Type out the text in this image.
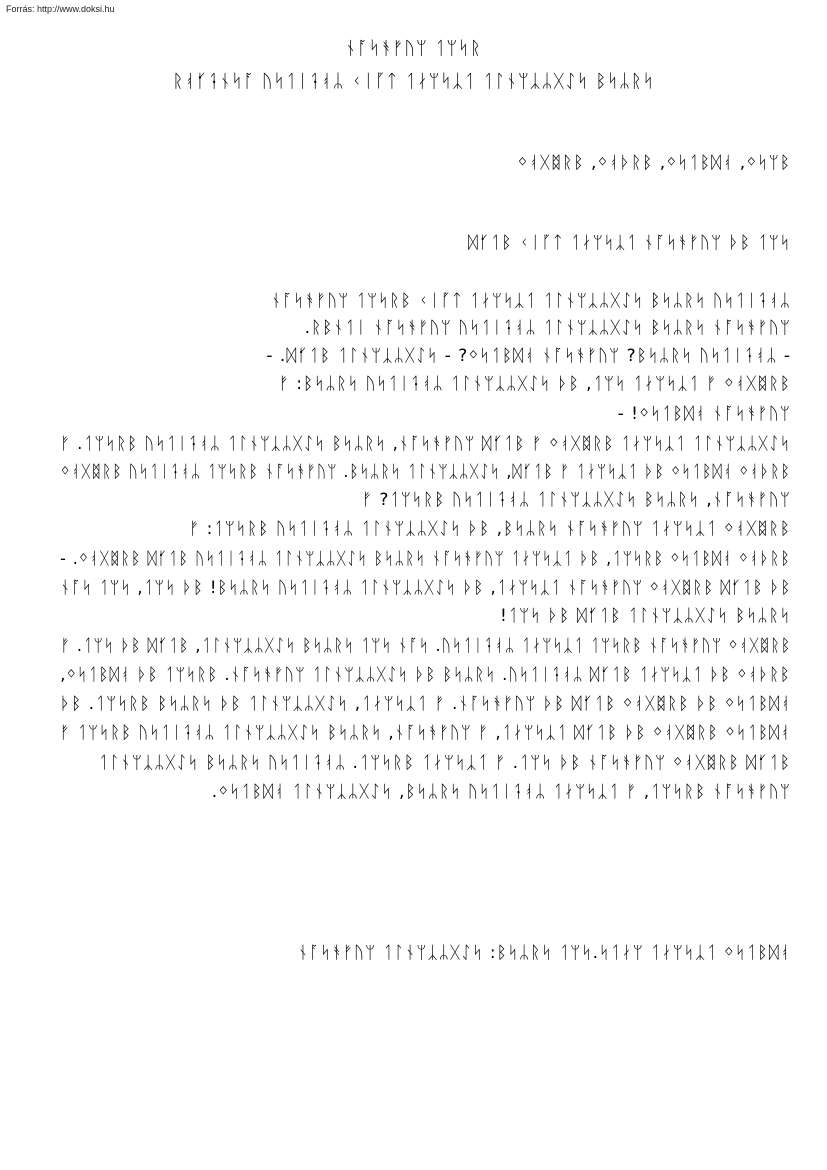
Forrás: http://www.doksi.hu
ᚾᚪᛋᚬᚠᚢᛘ ᛐᛘᛋᚱ
ᚱᚮᚶᛑᚾᛋᚪ ᚢᛋᛐᛁᛑᚮᛦ ᚲᛁᚵᛏ ᛐᛅᛘᛋᛣᛐ ᛐᛚᚾᛘᛣᛦᚷᛇᛋ ᛒᛋᛦᚱᛋ
ᛜᚮᚷᛥᚱᛒ ,ᛜᚮᚦᚱᛒ ,ᛜᛋᛐᛒᛞᚮ ,ᛜᛋᛘᛒ
ᛞᚶᛐᛒ ᚲᛁᚵᛏ ᛐᛅᛘᛋᛣᛐ ᚾᚪᛋᚬᚠᚢᛘ ᚦᛒ ᛐᛘᛋ
ᚾᚪᛋᚬᚠᚢᛘ ᛐᛘᛋᚱᛒ ᚲᛁᚵᛏ ᛐᛅᛘᛋᛣᛐ ᛐᛚᚾᛘᛣᛦᚷᛇᛋ ᛒᛋᛦᚱᛋ ᚢᛋᛐᛁᛑᚮᛦ
.ᚱᛒᚾᛐᛁ ᚾᚪᛋᚬᚠᚢᛘ ᚢᛋᛐᛁᛑᚮᛦ ᛐᛚᚾᛘᛣᛦᚷᛇᛋ ᛒᛋᛦᚱᛋ ᚾᚪᛋᚬᚠᚢᛘ
- .ᛞᚶᛐᛒ ᛐᛚᚾᛘᛣᛦᚷᛇᛋ - ?ᛜᛋᛐᛒᛞᚮ ᚾᚪᛋᚬᚠᚢᛘ ?ᛒᛋᛦᚱᛋ ᚢᛋᛐᛁᛑᚮᛦ -
ᚠ :ᛒᛋᛦᚱᛋ ᚢᛋᛐᛁᛑᚮᛦ ᛐᛚᚾᛘᛣᛦᚷᛇᛋ ᚦᛒ ,ᛐᛘᛋ ᛐᛅᛘᛋᛣᛐ ᚠ ᛜᚮᚷᛥᚱᛒ
- !ᛜᛋᛐᛒᛞᚮ ᚾᚪᛋᚬᚠᚢᛘ
ᚠ .ᛐᛘᛋᚱᛒ ᚢᛋᛐᛁᛑᚮᛦ ᛐᛚᚾᛘᛣᛦᚷᛇᛋ ᛒᛋᛦᚱᛋ ,ᚾᚪᛋᚬᚠᚢᛘ ᛞᚶᛐᛒ ᚠ ᛜᚮᚷᛥᚱᛒ ᛐᛅᛘᛋᛣᛐ ᛐᛚᚾᛘᛣᛦᚷᛇᛋ
ᛜᚮᚷᛥᚱᛒ ᚢᛋᛐᛁᛑᚮᛦ ᛐᛘᛋᚱᛒ ᚾᚪᛋᚬᚠᚢᛘ .ᛒᛋᛦᚱᛋ ᛐᛚᚾᛘᛣᛦᚷᛇᛋ ,ᛞᚶᛐᛒ ᚠ ᛐᛅᛘᛋᛣᛐ ᚦᛒ ᛜᛋᛐᛒᛞᚮ ᛜᚮᚦᚱᛒ
ᚠ ?ᛐᛘᛋᚱᛒ ᚢᛋᛐᛁᛑᚮᛦ ᛐᛚᚾᛘᛣᛦᚷᛇᛋ ᛒᛋᛦᚱᛋ ,ᚾᚪᛋᚬᚠᚢᛘ
ᚠ :ᛐᛘᛋᚱᛒ ᚢᛋᛐᛁᛑᚮᛦ ᛐᛚᚾᛘᛣᛦᚷᛇᛋ ᚦᛒ ,ᛒᛋᛦᚱᛋ ᚾᚪᛋᚬᚠᚢᛘ ᛐᛅᛘᛋᛣᛐ ᛜᚮᚷᛥᚱᛒ
- .ᛜᚮᚷᛥᚱᛒ ᛞᚶᛐᛒ ᚢᛋᛐᛁᛑᚮᛦ ᛐᛚᚾᛘᛣᛦᚷᛇᛋ ᛒᛋᛦᚱᛋ ᚾᚪᛋᚬᚠᚢᛘ ᛐᛅᛘᛋᛣᛐ ᚦᛒ ,ᛐᛘᛋᚱᛒ ᛜᛋᛐᛒᛞᚮ ᛜᚮᚦᚱᛒ
ᚾᚪᛋ ᛐᛘᛋ ,ᛐᛘᛋ ᚦᛒ !ᛒᛋᛦᚱᛋ ᚢᛋᛐᛁᛑᚮᛦ ᛐᛚᚾᛘᛣᛦᚷᛇᛋ ᚦᛒ ,ᛐᛅᛘᛋᛣᛐ ᚾᚪᛋᚬᚠᚢᛘ ᛜᚮᚷᛥᚱᛒ ᛞᚶᛐᛒ ᚦᛒ
!ᛐᛘᛋ ᚦᛒ ᛞᚶᛐᛒ ᛐᛚᚾᛘᛣᛦᚷᛇᛋ ᛒᛋᛦᚱᛋ
ᚠ .ᛐᛘᛋ ᚦᛒ ᛞᚶᛐᛒ ,ᛐᛚᚾᛘᛣᛦᚷᛇᛋ ᛒᛋᛦᚱᛋ ᛐᛘᛋ ᚾᚪᛋ .ᚢᛋᛐᛁᛑᚮᛦ ᛐᛅᛘᛋᛣᛐ ᛐᛘᛋᚱᛒ ᚾᚪᛋᚬᚠᚢᛘ ᛜᚮᚷᛥᚱᛒ
,ᛜᛋᛐᛒᛞᚮ ᚦᛒ ᛐᛘᛋᚱᛒ .ᚾᚪᛋᚬᚠᚢᛘ ᛐᛚᚾᛘᛣᛦᚷᛇᛋ ᚦᛒ ᛒᛋᛦᚱᛋ .ᚢᛋᛐᛁᛑᚮᛦ ᛞᚶᛐᛒ ᛐᛅᛘᛋᛣᛐ ᚦᛒ ᛜᚮᚦᚱᛒ
ᚦᛒ .ᛐᛘᛋᚱᛒ ᛒᛋᛦᚱᛋ ᚦᛒ ᛐᛚᚾᛘᛣᛦᚷᛇᛋ ,ᛐᛅᛘᛋᛣᛐ ᚠ .ᚾᚪᛋᚬᚠᚢᛘ ᚦᛒ ᛞᚶᛐᛒ ᛜᚮᚷᛥᚱᛒ ᚦᛒ ᛜᛋᛐᛒᛞᚮ
ᚠ ᛐᛘᛋᚱᛒ ᚢᛋᛐᛁᛑᚮᛦ ᛐᛚᚾᛘᛣᛦᚷᛇᛋ ᛒᛋᛦᚱᛋ ,ᚾᚪᛋᚬᚠᚢᛘ ᚠ ,ᛐᛅᛘᛋᛣᛐ ᛞᚶᛐᛒ ᚦᛒ ᛜᚮᚷᛥᚱᛒ ᛜᛋᛐᛒᛞᚮ
ᛐᛚᚾᛘᛣᛦᚷᛇᛋ ᛒᛋᛦᚱᛋ ᚢᛋᛐᛁᛑᚮᛦ .ᛐᛘᛋᚱᛒ ᛐᛅᛘᛋᛣᛐ ᚠ .ᛐᛘᛋ ᚦᛒ ᚾᚪᛋᚬᚠᚢᛘ ᛜᚮᚷᛥᚱᛒ ᛞᚶᛐᛒ
.ᛜᛋᛐᛒᛞᚮ ᛐᛚᚾᛘᛣᛦᚷᛇᛋ ,ᛒᛋᛦᚱᛋ ᚢᛋᛐᛁᛑᚮᛦ ᛐᛅᛘᛋᛣᛐ ᚠ ,ᛐᛘᛋᚱᛒ ᚾᚪᛋᚬᚠᚢᛘ
ᚾᚪᛋᚬᚠᚢᛘ ᛐᛚᚾᛘᛣᛦᚷᛇᛋ :ᛒᛋᛦᚱᛋ ᛐᛘᛋ.ᛋᛐᛅᛘ ᛐᛅᛘᛋᛣᛐ ᛜᛋᛐᛒᛞᚮ
